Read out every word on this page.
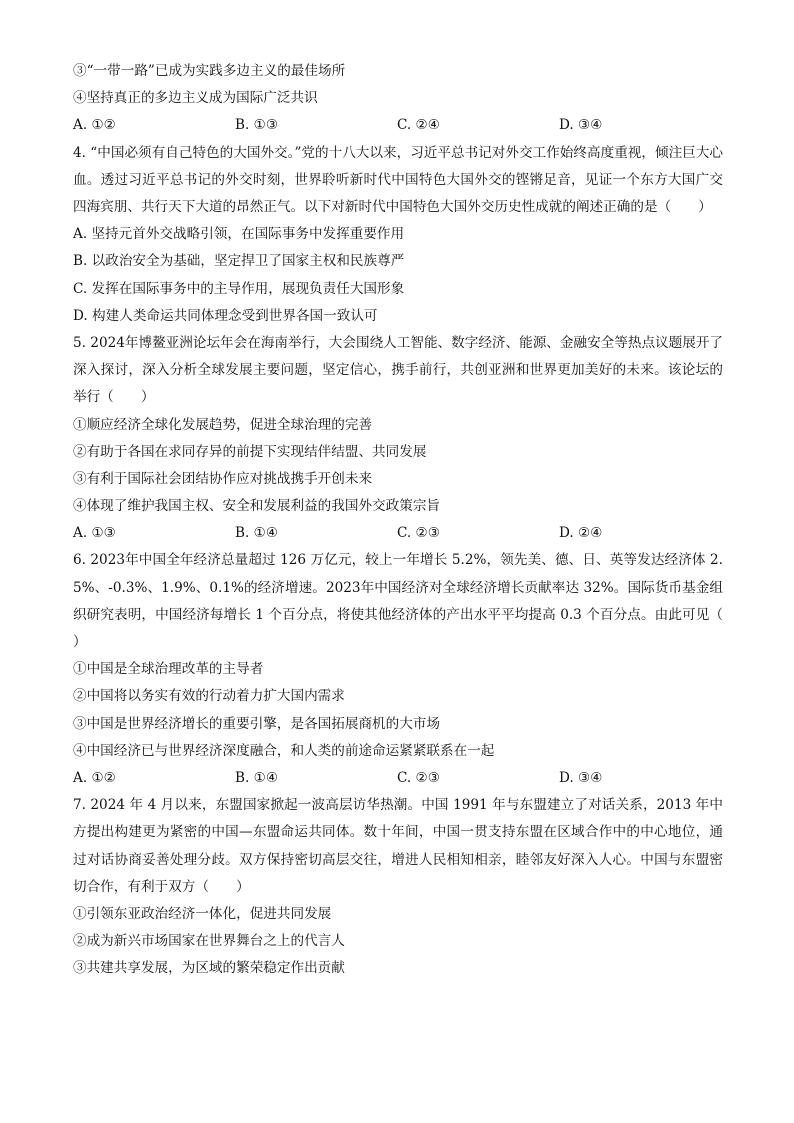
③“一带一路”已成为实践多边主义的最佳场所
④坚持真正的多边主义成为国际广泛共识
A. ①②	B. ①③	C. ②④	D. ③④
4. “中国必须有自己特色的大国外交。”党的十八大以来，习近平总书记对外交工作始终高度重视，倾注巨大心血。透过习近平总书记的外交时刻，世界聆听新时代中国特色大国外交的铿锵足音，见证一个东方大国广交四海宾朋、共行天下大道的昂然正气。以下对新时代中国特色大国外交历史性成就的阐述正确的是（　　）
A. 坚持元首外交战略引领，在国际事务中发挥重要作用
B. 以政治安全为基础，坚定捍卫了国家主权和民族尊严
C. 发挥在国际事务中的主导作用，展现负责任大国形象
D. 构建人类命运共同体理念受到世界各国一致认可
5. 2024年博鳌亚洲论坛年会在海南举行，大会围绕人工智能、数字经济、能源、金融安全等热点议题展开了深入探讨，深入分析全球发展主要问题，坚定信心，携手前行，共创亚洲和世界更加美好的未来。该论坛的举行（　　）
①顺应经济全球化发展趋势，促进全球治理的完善
②有助于各国在求同存异的前提下实现结伴结盟、共同发展
③有利于国际社会团结协作应对挑战携手开创未来
④体现了维护我国主权、安全和发展利益的我国外交政策宗旨
A. ①③	B. ①④	C. ②③	D. ②④
6. 2023年中国全年经济总量超过 126 万亿元，较上一年增长 5.2%，领先美、德、日、英等发达经济体 2.5%、-0.3%、1.9%、0.1%的经济增速。2023年中国经济对全球经济增长贡献率达 32%。国际货币基金组织研究表明，中国经济每增长 1 个百分点，将使其他经济体的产出水平平均提高 0.3 个百分点。由此可见（　　）
①中国是全球治理改革的主导者
②中国将以务实有效的行动着力扩大国内需求
③中国是世界经济增长的重要引擎，是各国拓展商机的大市场
④中国经济已与世界经济深度融合，和人类的前途命运紧紧联系在一起
A. ①②	B. ①④	C. ②③	D. ③④
7. 2024 年 4 月以来，东盟国家掀起一波高层访华热潮。中国 1991 年与东盟建立了对话关系，2013 年中方提出构建更为紧密的中国—东盟命运共同体。数十年间，中国一贯支持东盟在区域合作中的中心地位，通过对话协商妥善处理分歧。双方保持密切高层交往，增进人民相知相亲，睦邻友好深入人心。中国与东盟密切合作，有利于双方（　　）
①引领东亚政治经济一体化，促进共同发展
②成为新兴市场国家在世界舞台之上的代言人
③共建共享发展，为区域的繁荣稳定作出贡献
